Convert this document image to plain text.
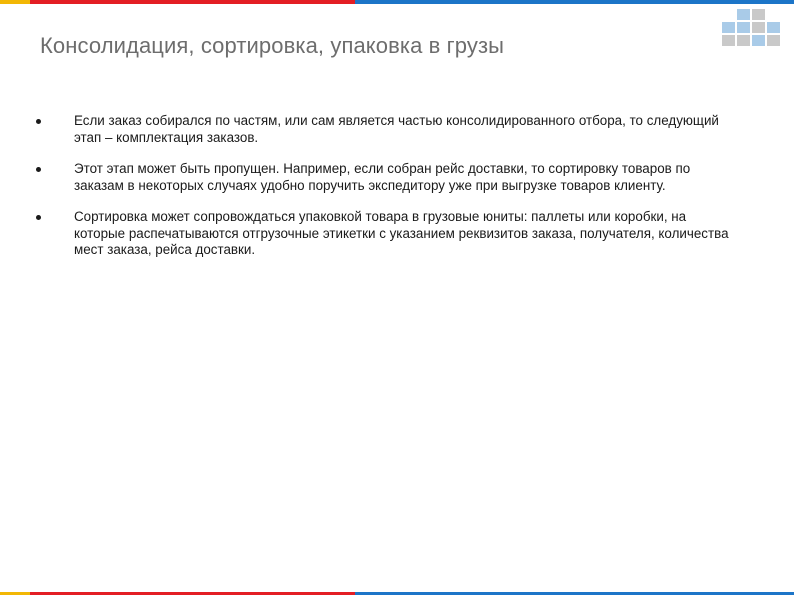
Консолидация, сортировка, упаковка в грузы
Если заказ собирался по частям, или сам является частью консолидированного отбора, то следующий этап – комплектация заказов.
Этот этап может быть пропущен. Например, если собран рейс доставки, то сортировку товаров по заказам в некоторых случаях удобно поручить экспедитору уже при выгрузке товаров клиенту.
Сортировка может сопровождаться упаковкой товара в грузовые юниты: паллеты или коробки, на которые распечатываются отгрузочные этикетки с указанием реквизитов заказа, получателя, количества мест заказа, рейса доставки.
